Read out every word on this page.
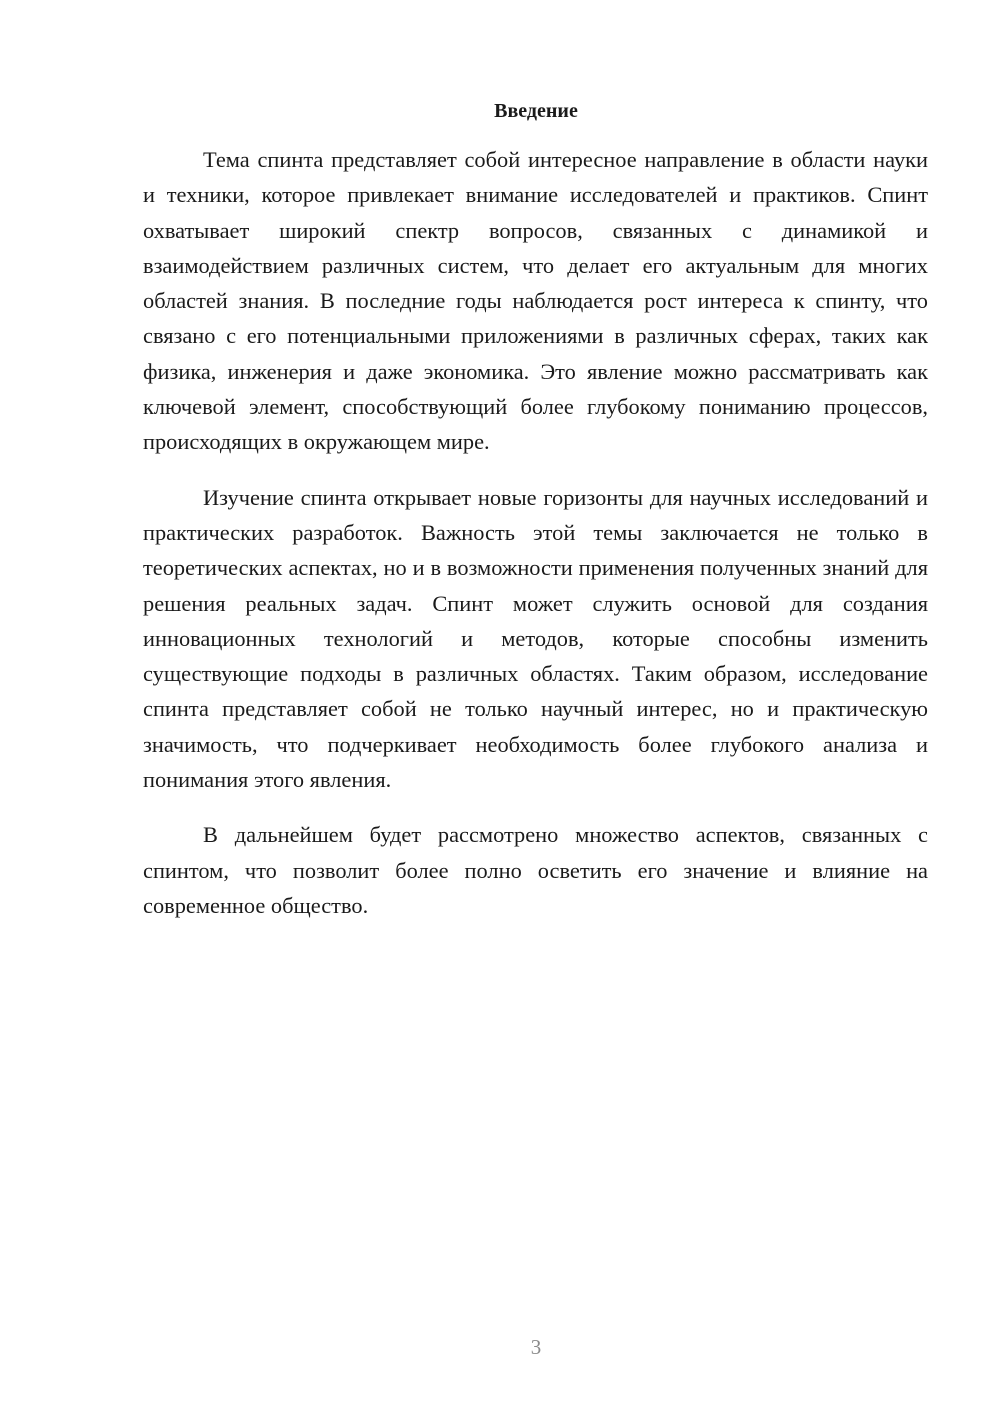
Введение

Тема спинта представляет собой интересное направление в области науки и техники, которое привлекает внимание исследователей и практиков. Спинт охватывает широкий спектр вопросов, связанных с динамикой и взаимодействием различных систем, что делает его актуальным для многих областей знания. В последние годы наблюдается рост интереса к спинту, что связано с его потенциальными приложениями в различных сферах, таких как физика, инженерия и даже экономика. Это явление можно рассматривать как ключевой элемент, способствующий более глубокому пониманию процессов, происходящих в окружающем мире.

Изучение спинта открывает новые горизонты для научных исследований и практических разработок. Важность этой темы заключается не только в теоретических аспектах, но и в возможности применения полученных знаний для решения реальных задач. Спинт может служить основой для создания инновационных технологий и методов, которые способны изменить существующие подходы в различных областях. Таким образом, исследование спинта представляет собой не только научный интерес, но и практическую значимость, что подчеркивает необходимость более глубокого анализа и понимания этого явления.

В дальнейшем будет рассмотрено множество аспектов, связанных с спинтом, что позволит более полно осветить его значение и влияние на современное общество.

3
